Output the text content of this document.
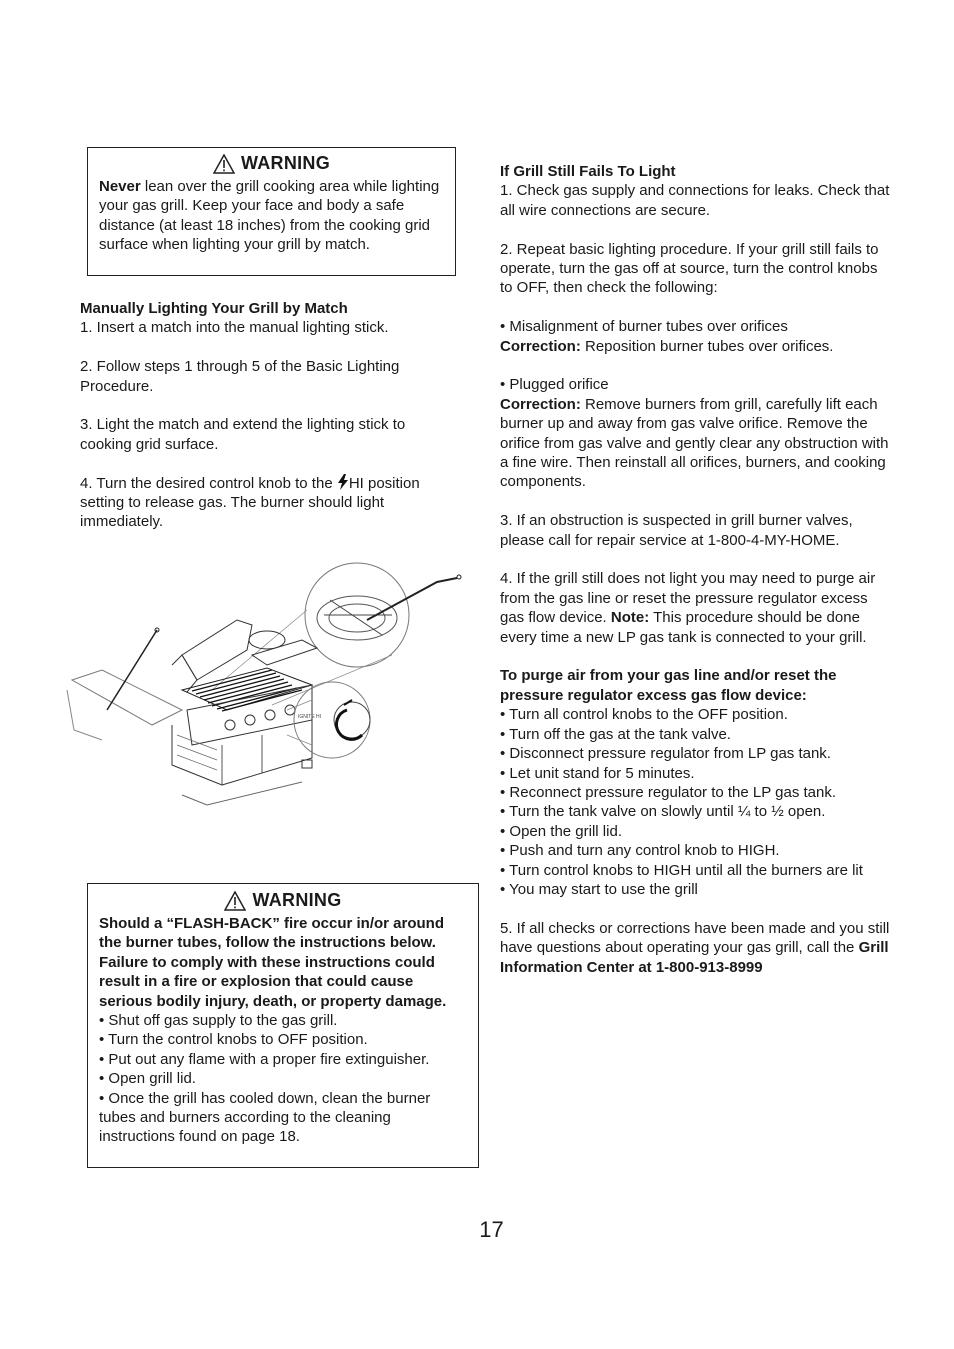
WARNING

Never lean over the grill cooking area while lighting your gas grill. Keep your face and body a safe distance (at least 18 inches) from the cooking grid surface when lighting your grill by match.

Manually Lighting Your Grill by Match

1. Insert a match into the manual lighting stick.

2. Follow steps 1 through 5 of the Basic Lighting Procedure.

3. Light the match and extend the lighting stick to cooking grid surface.

4. Turn the desired control knob to the HI position setting to release gas. The burner should light immediately.

IGNITE HI
WARNING

Should a “FLASH-BACK” fire occur in/or around the burner tubes, follow the instructions below. Failure to comply with these instructions could result in a fire or explosion that could cause serious bodily injury, death, or property damage.

• Shut off gas supply to the gas grill.

• Turn the control knobs to OFF position.

• Put out any flame with a proper fire extinguisher.

• Open grill lid.

• Once the grill has cooled down, clean the burner tubes and burners according to the cleaning instructions found on page 18.

If Grill Still Fails To Light

1. Check gas supply and connections for leaks. Check that all wire connections are secure.

2. Repeat basic lighting procedure. If your grill still fails to operate, turn the gas off at source, turn the control knobs to OFF, then check the following:

• Misalignment of burner tubes over orifices

Correction: Reposition burner tubes over orifices.

• Plugged orifice

Correction: Remove burners from grill, carefully lift each burner up and away from gas valve orifice. Remove the orifice from gas valve and gently clear any obstruction with a fine wire. Then reinstall all orifices, burners, and cooking components.

3. If an obstruction is suspected in grill burner valves, please call for repair service at 1-800-4-MY-HOME.

4. If the grill still does not light you may need to purge air from the gas line or reset the pressure regulator excess gas flow device. Note: This procedure should be done every time a new LP gas tank is connected to your grill.

To purge air from your gas line and/or reset the pressure regulator excess gas flow device:

• Turn all control knobs to the OFF position.

• Turn off the gas at the tank valve.

• Disconnect pressure regulator from LP gas tank.

• Let unit stand for 5 minutes.

• Reconnect pressure regulator to the LP gas tank.

• Turn the tank valve on slowly until ¼ to ½ open.

• Open the grill lid.

• Push and turn any control knob to HIGH.

• Turn control knobs to HIGH until all the burners are lit

• You may start to use the grill

5. If all checks or corrections have been made and you still have questions about operating your gas grill, call the Grill Information Center at 1-800-913-8999

17
